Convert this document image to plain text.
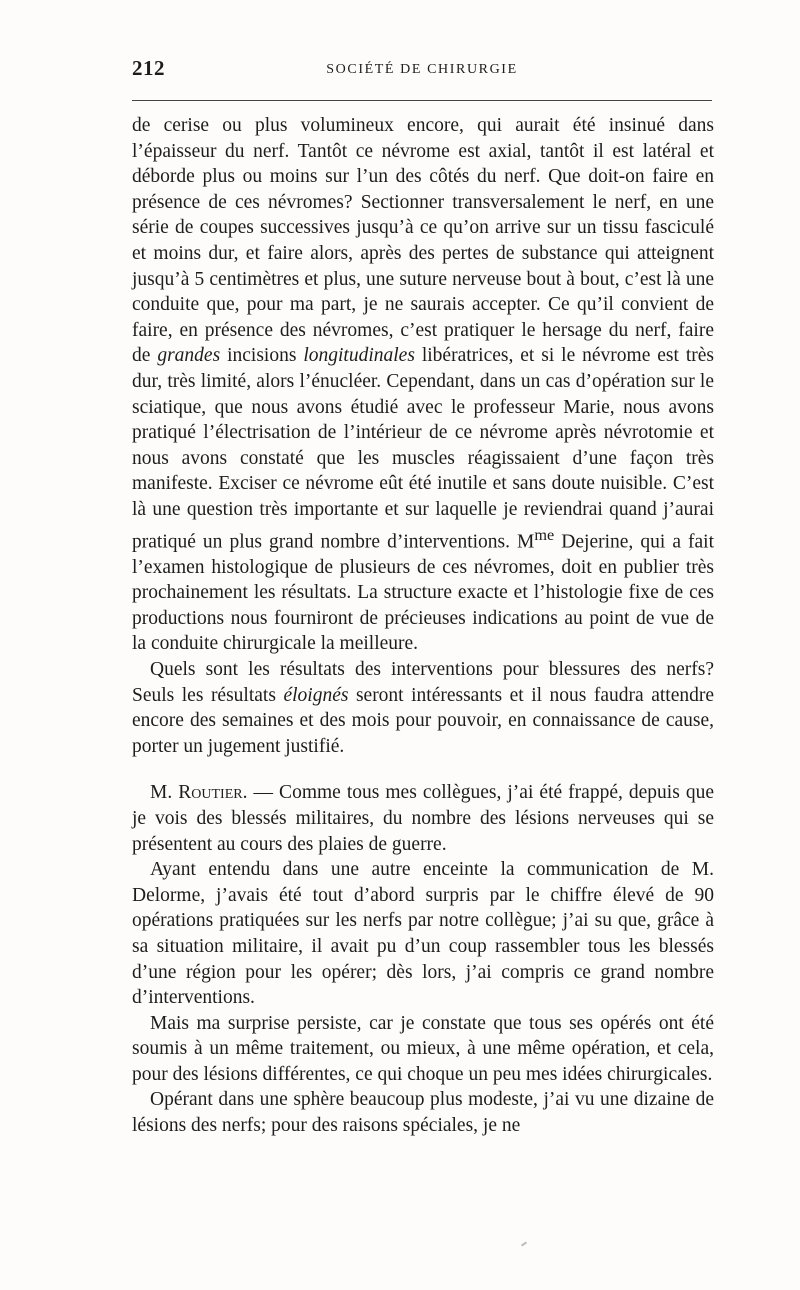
212	SOCIÉTÉ DE CHIRURGIE

de cerise ou plus volumineux encore, qui aurait été insinué dans l’épaisseur du nerf. Tantôt ce névrome est axial, tantôt il est latéral et déborde plus ou moins sur l’un des côtés du nerf. Que doit-on faire en présence de ces névromes? Sectionner transversalement le nerf, en une série de coupes successives jusqu’à ce qu’on arrive sur un tissu fasciculé et moins dur, et faire alors, après des pertes de substance qui atteignent jusqu’à 5 centimètres et plus, une suture nerveuse bout à bout, c’est là une conduite que, pour ma part, je ne saurais accepter. Ce qu’il convient de faire, en présence des névromes, c’est pratiquer le hersage du nerf, faire de grandes incisions longitudinales libératrices, et si le névrome est très dur, très limité, alors l’énucléer. Cependant, dans un cas d’opération sur le sciatique, que nous avons étudié avec le professeur Marie, nous avons pratiqué l’électrisation de l’intérieur de ce névrome après névrotomie et nous avons constaté que les muscles réagissaient d’une façon très manifeste. Exciser ce névrome eût été inutile et sans doute nuisible. C’est là une question très importante et sur laquelle je reviendrai quand j’aurai pratiqué un plus grand nombre d’interventions. $M^{me}$ Dejerine, qui a fait l’examen histologique de plusieurs de ces névromes, doit en publier très prochainement les résultats. La structure exacte et l’histologie fixe de ces productions nous fourniront de précieuses indications au point de vue de la conduite chirurgicale la meilleure.

Quels sont les résultats des interventions pour blessures des nerfs? Seuls les résultats éloignés seront intéressants et il nous faudra attendre encore des semaines et des mois pour pouvoir, en connaissance de cause, porter un jugement justifié.

M. Routier. — Comme tous mes collègues, j’ai été frappé, depuis que je vois des blessés militaires, du nombre des lésions nerveuses qui se présentent au cours des plaies de guerre.

Ayant entendu dans une autre enceinte la communication de M. Delorme, j’avais été tout d’abord surpris par le chiffre élevé de 90 opérations pratiquées sur les nerfs par notre collègue; j’ai su que, grâce à sa situation militaire, il avait pu d’un coup rassembler tous les blessés d’une région pour les opérer; dès lors, j’ai compris ce grand nombre d’interventions.

Mais ma surprise persiste, car je constate que tous ses opérés ont été soumis à un même traitement, ou mieux, à une même opération, et cela, pour des lésions différentes, ce qui choque un peu mes idées chirurgicales.

Opérant dans une sphère beaucoup plus modeste, j’ai vu une dizaine de lésions des nerfs; pour des raisons spéciales, je ne
